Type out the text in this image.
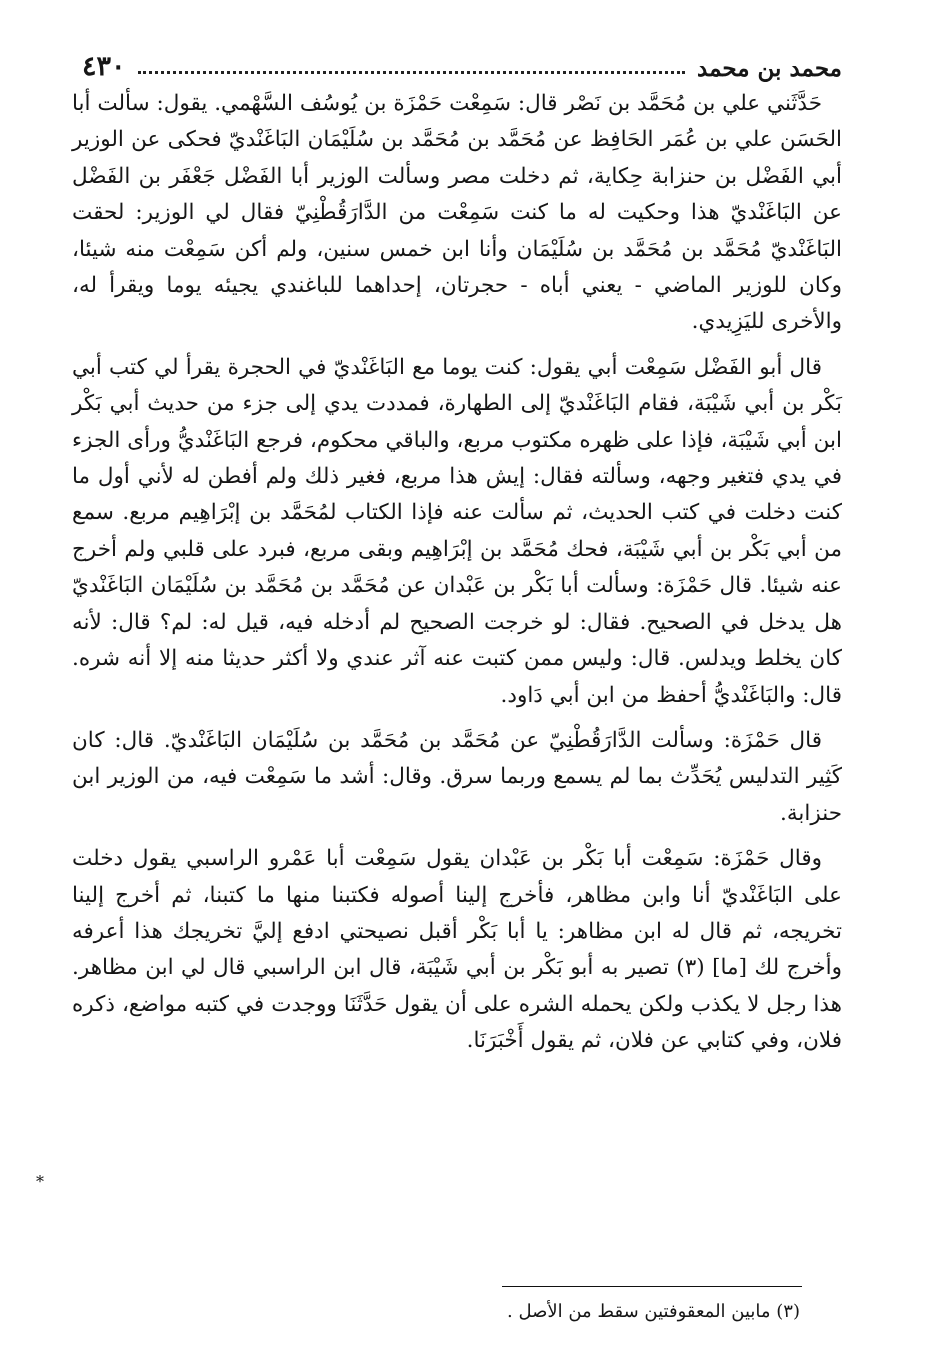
٤٣٠	محمد بن محمد

حَدَّثَني علي بن مُحَمَّد بن نَصْر قال: سَمِعْت حَمْزَة بن يُوسُف السَّهْمي. يقول: سألت أبا الحَسَن علي بن عُمَر الحَافِظ عن مُحَمَّد بن مُحَمَّد بن سُلَيْمَان البَاغَنْديّ فحكى عن الوزير أبي الفَضْل بن حنزابة حِكاية، ثم دخلت مصر وسألت الوزير أبا الفَضْل جَعْفَر بن الفَضْل عن البَاغَنْديّ هذا وحكيت له ما كنت سَمِعْت من الدَّارَقُطْنِيّ فقال لي الوزير: لحقت البَاغَنْديّ مُحَمَّد بن مُحَمَّد بن سُلَيْمَان وأنا ابن خمس سنين، ولم أكن سَمِعْت منه شيئا، وكان للوزير الماضي - يعني أباه - حجرتان، إحداهما للباغندي يجيئه يوما ويقرأ له، والأخرى لليَزِيدي.

قال أبو الفَضْل سَمِعْت أبي يقول: كنت يوما مع البَاغَنْديّ في الحجرة يقرأ لي كتب أبي بَكْر بن أبي شَيْبَة، فقام البَاغَنْديّ إلى الطهارة، فمددت يدي إلى جزء من حديث أبي بَكْر ابن أبي شَيْبَة، فإذا على ظهره مكتوب مربع، والباقي محكوم، فرجع البَاغَنْديُّ ورأى الجزء في يدي فتغير وجهه، وسألته فقال: إيش هذا مربع، فغير ذلك ولم أفطن له لأني أول ما كنت دخلت في كتب الحديث، ثم سألت عنه فإذا الكتاب لمُحَمَّد بن إبْرَاهِيم مربع. سمع من أبي بَكْر بن أبي شَيْبَة، فحك مُحَمَّد بن إبْرَاهِيم وبقى مربع، فبرد على قلبي ولم أخرج عنه شيئا. قال حَمْزَة: وسألت أبا بَكْر بن عَبْدان عن مُحَمَّد بن مُحَمَّد بن سُلَيْمَان البَاغَنْديّ هل يدخل في الصحيح. فقال: لو خرجت الصحيح لم أدخله فيه، قيل له: لم؟ قال: لأنه كان يخلط ويدلس. قال: وليس ممن كتبت عنه آثر عندي ولا أكثر حديثا منه إلا أنه شره. قال: والبَاغَنْديُّ أحفظ من ابن أبي دَاود.

قال حَمْزَة: وسألت الدَّارَقُطْنِيّ عن مُحَمَّد بن مُحَمَّد بن سُلَيْمَان البَاغَنْديّ. قال: كان كَثِير التدليس يُحَدِّث بما لم يسمع وربما سرق. وقال: أشد ما سَمِعْت فيه، من الوزير ابن حنزابة.

وقال حَمْزَة: سَمِعْت أبا بَكْر بن عَبْدان يقول سَمِعْت أبا عَمْرو الراسبي يقول دخلت على البَاغَنْديّ أنا وابن مظاهر، فأخرج إلينا أصوله فكتبنا منها ما كتبنا، ثم أخرج إلينا تخريجه، ثم قال له ابن مظاهر: يا أبا بَكْر أقبل نصيحتي ادفع إليَّ تخريجك هذا أعرفه وأخرج لك [ما] (٣) تصير به أبو بَكْر بن أبي شَيْبَة، قال ابن الراسبي قال لي ابن مظاهر. هذا رجل لا يكذب ولكن يحمله الشره على أن يقول حَدَّثَنَا ووجدت في كتبه مواضع، ذكره فلان، وفي كتابي عن فلان، ثم يقول أَخْبَرَنَا.

*
(٣) مابين المعقوفتين سقط من الأصل .
